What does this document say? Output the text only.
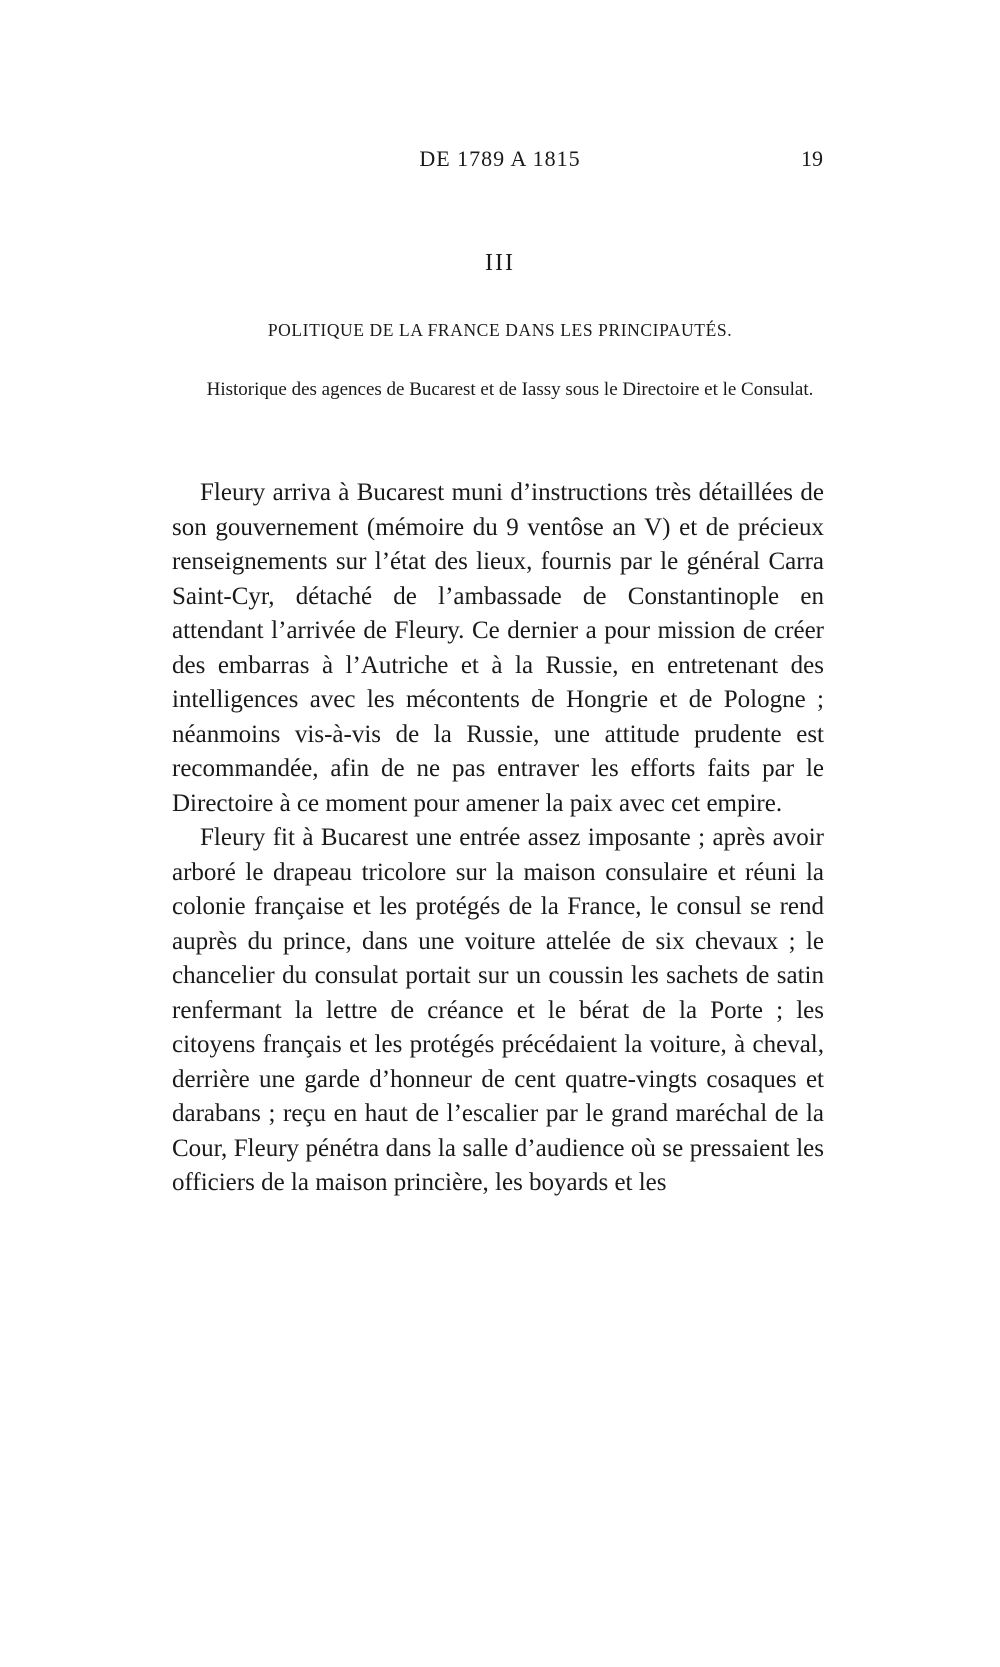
DE 1789 A 1815	19
III
POLITIQUE DE LA FRANCE DANS LES PRINCIPAUTÉS.
Historique des agences de Bucarest et de Iassy sous le Directoire et le Consulat.

Fleury arriva à Bucarest muni d’instructions très détaillées de son gouvernement (mémoire du 9 ventôse an V) et de précieux renseignements sur l’état des lieux, fournis par le général Carra Saint-Cyr, détaché de l’ambassade de Constantinople en attendant l’arrivée de Fleury. Ce dernier a pour mission de créer des embarras à l’Autriche et à la Russie, en entretenant des intelligences avec les mécontents de Hongrie et de Pologne ; néanmoins vis-à-vis de la Russie, une attitude prudente est recommandée, afin de ne pas entraver les efforts faits par le Directoire à ce moment pour amener la paix avec cet empire.

Fleury fit à Bucarest une entrée assez imposante ; après avoir arboré le drapeau tricolore sur la maison consulaire et réuni la colonie française et les protégés de la France, le consul se rend auprès du prince, dans une voiture attelée de six chevaux ; le chancelier du consulat portait sur un coussin les sachets de satin renfermant la lettre de créance et le bérat de la Porte ; les citoyens français et les protégés précédaient la voiture, à cheval, derrière une garde d’honneur de cent quatre-vingts cosaques et darabans ; reçu en haut de l’escalier par le grand maréchal de la Cour, Fleury pénétra dans la salle d’audience où se pressaient les officiers de la maison princière, les boyards et les
